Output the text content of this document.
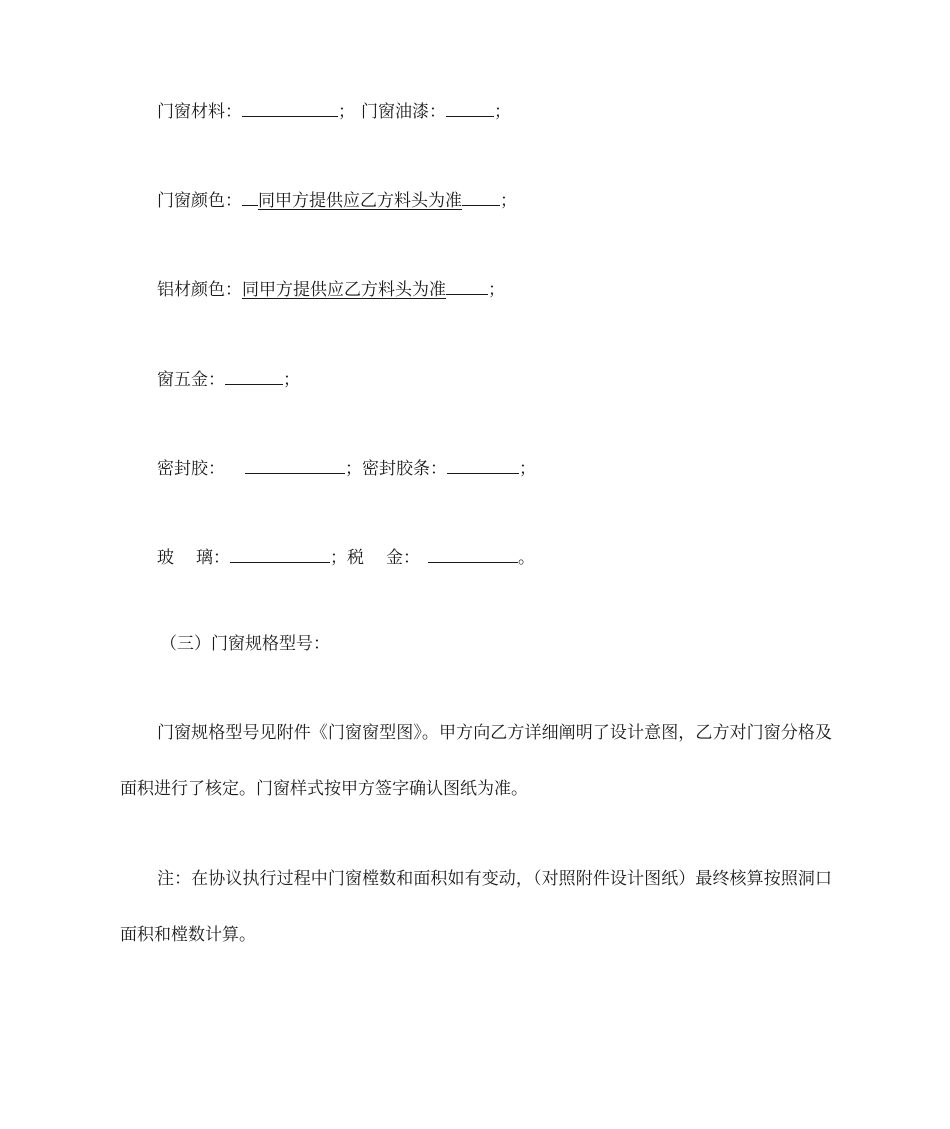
门窗材料：	； 门窗油漆：	；
门窗颜色： 同甲方提供应乙方料头为准 ；
铝材颜色：同甲方提供应乙方料头为准 ；
窗五金：	；
密封胶：	；密封胶条：	；
玻 璃：	；税 金：	。
（三）门窗规格型号：
门窗规格型号见附件《门窗窗型图》。甲方向乙方详细阐明了设计意图，乙方对门窗分格及面积进行了核定。门窗样式按甲方签字确认图纸为准。
注：在协议执行过程中门窗樘数和面积如有变动，（对照附件设计图纸）最终核算按照洞口面积和樘数计算。
